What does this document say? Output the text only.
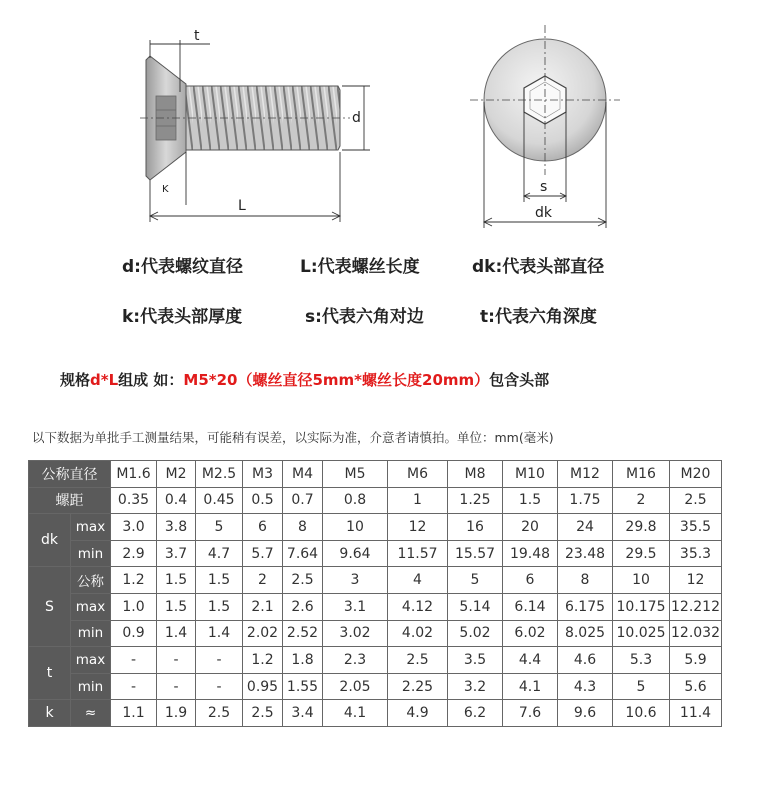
t
d
K
L
s
dk
d:代表螺纹直径	L:代表螺丝长度	dk:代表头部直径
k:代表头部厚度	s:代表六角对边	t:代表六角深度
规格d*L组成 如：M5*20（螺丝直径5mm*螺丝长度20mm）包含头部
以下数据为单批手工测量结果，可能稍有误差，以实际为准，介意者请慎拍。单位：mm(毫米)
公称直径		M1.6	M2	M2.5	M3	M4	M5	M6	M8	M10	M12	M16	M20
螺距		0.35	0.4	0.45	0.5	0.7	0.8	1	1.25	1.5	1.75	2	2.5
dk	max	3.0	3.8	5	6	8	10	12	16	20	24	29.8	35.5
	min	2.9	3.7	4.7	5.7	7.64	9.64	11.57	15.57	19.48	23.48	29.5	35.3
S	公称	1.2	1.5	1.5	2	2.5	3	4	5	6	8	10	12
	max	1.0	1.5	1.5	2.1	2.6	3.1	4.12	5.14	6.14	6.175	10.175	12.212
	min	0.9	1.4	1.4	2.02	2.52	3.02	4.02	5.02	6.02	8.025	10.025	12.032
t	max	-	-	-	1.2	1.8	2.3	2.5	3.5	4.4	4.6	5.3	5.9
	min	-	-	-	0.95	1.55	2.05	2.25	3.2	4.1	4.3	5	5.6
k	≈	1.1	1.9	2.5	2.5	3.4	4.1	4.9	6.2	7.6	9.6	10.6	11.4
